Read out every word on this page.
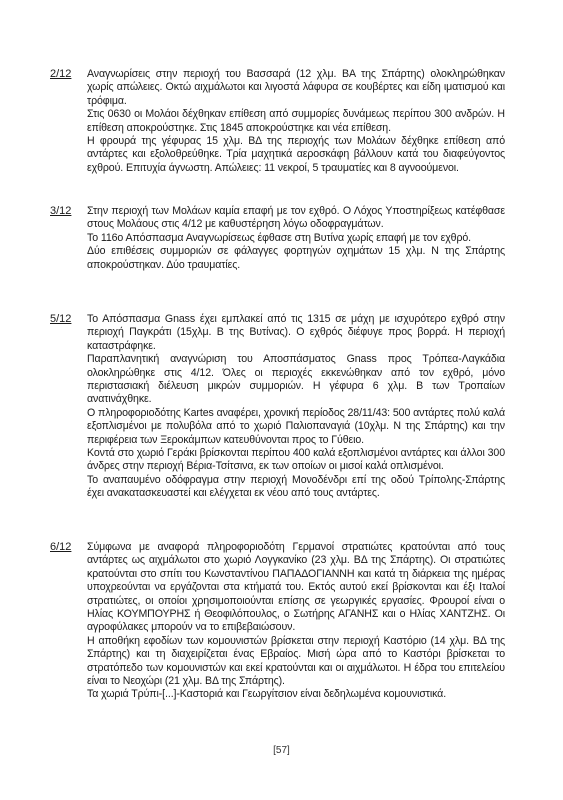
2/12	Αναγνωρίσεις στην περιοχή του Βασσαρά (12 χλμ. ΒΑ της Σπάρτης) ολοκληρώθηκαν χωρίς απώλειες. Οκτώ αιχμάλωτοι και λιγοστά λάφυρα σε κουβέρτες και είδη ιματισμού και τρόφιμα.

Στις 0630 οι Μολάοι δέχθηκαν επίθεση από συμμορίες δυνάμεως περίπου 300 ανδρών. Η επίθεση αποκρούστηκε. Στις 1845 αποκρούστηκε και νέα επίθεση.

Η φρουρά της γέφυρας 15 χλμ. ΒΔ της περιοχής των Μολάων δέχθηκε επίθεση από αντάρτες και εξολοθρεύθηκε. Τρία μαχητικά αεροσκάφη βάλλουν κατά του διαφεύγοντος εχθρού. Επιτυχία άγνωστη. Απώλειες: 11 νεκροί, 5 τραυματίες και 8 αγνοούμενοι.

3/12	Στην περιοχή των Μολάων καμία επαφή με τον εχθρό. Ο Λόχος Υποστηρίξεως κατέφθασε στους Μολάους στις 4/12 με καθυστέρηση λόγω οδοφραγμάτων.

Το 116ο Απόσπασμα Αναγνωρίσεως έφθασε στη Βυτίνα χωρίς επαφή με τον εχθρό.

Δύο επιθέσεις συμμοριών σε φάλαγγες φορτηγών οχημάτων 15 χλμ. Ν της Σπάρτης αποκρούστηκαν. Δύο τραυματίες.

5/12	Το Απόσπασμα Gnass έχει εμπλακεί από τις 1315 σε μάχη με ισχυρότερο εχθρό στην περιοχή Παγκράτι (15χλμ. Β της Βυτίνας). Ο εχθρός διέφυγε προς βορρά. Η περιοχή καταστράφηκε.

Παραπλανητική αναγνώριση του Αποσπάσματος Gnass προς Τρόπεα-Λαγκάδια ολοκληρώθηκε στις 4/12. Όλες οι περιοχές εκκενώθηκαν από τον εχθρό, μόνο περιστασιακή διέλευση μικρών συμμοριών. Η γέφυρα 6 χλμ. Β των Τροπαίων ανατινάχθηκε.

Ο πληροφοριοδότης Kartes αναφέρει, χρονική περίοδος 28/11/43: 500 αντάρτες πολύ καλά εξοπλισμένοι με πολυβόλα από το χωριό Παλιοπαναγιά (10χλμ. Ν της Σπάρτης) και την περιφέρεια των Ξεροκάμπων κατευθύνονται προς το Γύθειο.

Κοντά στο χωριό Γεράκι βρίσκονται περίπου 400 καλά εξοπλισμένοι αντάρτες και άλλοι 300 άνδρες στην περιοχή Βέρια-Τσίτσινα, εκ των οποίων οι μισοί καλά οπλισμένοι.

Το αναπαυμένο οδόφραγμα στην περιοχή Μονοδένδρι επί της οδού Τρίπολης-Σπάρτης έχει ανακατασκευαστεί και ελέγχεται εκ νέου από τους αντάρτες.

6/12	Σύμφωνα με αναφορά πληροφοριοδότη Γερμανοί στρατιώτες κρατούνται από τους αντάρτες ως αιχμάλωτοι στο χωριό Λογγκανίκο (23 χλμ. ΒΔ της Σπάρτης). Οι στρατιώτες κρατούνται στο σπίτι του Κωνσταντίνου ΠΑΠΑΔΟΓΙΑΝΝΗ και κατά τη διάρκεια της ημέρας υποχρεούνται να εργάζονται στα κτήματά του. Εκτός αυτού εκεί βρίσκονται και έξι Ιταλοί στρατιώτες, οι οποίοι χρησιμοποιούνται επίσης σε γεωργικές εργασίες. Φρουροί είναι ο Ηλίας ΚΟΥΜΠΟΥΡΗΣ ή Θεοφιλόπουλος, ο Σωτήρης ΑΓΑΝΗΣ και ο Ηλίας ΧΑΝΤΖΗΣ. Οι αγροφύλακες μπορούν να το επιβεβαιώσουν.

Η αποθήκη εφοδίων των κομουνιστών βρίσκεται στην περιοχή Καστόριο (14 χλμ. ΒΔ της Σπάρτης) και τη διαχειρίζεται ένας Εβραίος. Μισή ώρα από το Καστόρι βρίσκεται το στρατόπεδο των κομουνιστών και εκεί κρατούνται και οι αιχμάλωτοι. Η έδρα του επιτελείου είναι το Νεοχώρι (21 χλμ. ΒΔ της Σπάρτης).

Τα χωριά Τρύπι-[...]-Καστοριά και Γεωργίτσιον είναι δεδηλωμένα κομουνιστικά.

[57]
